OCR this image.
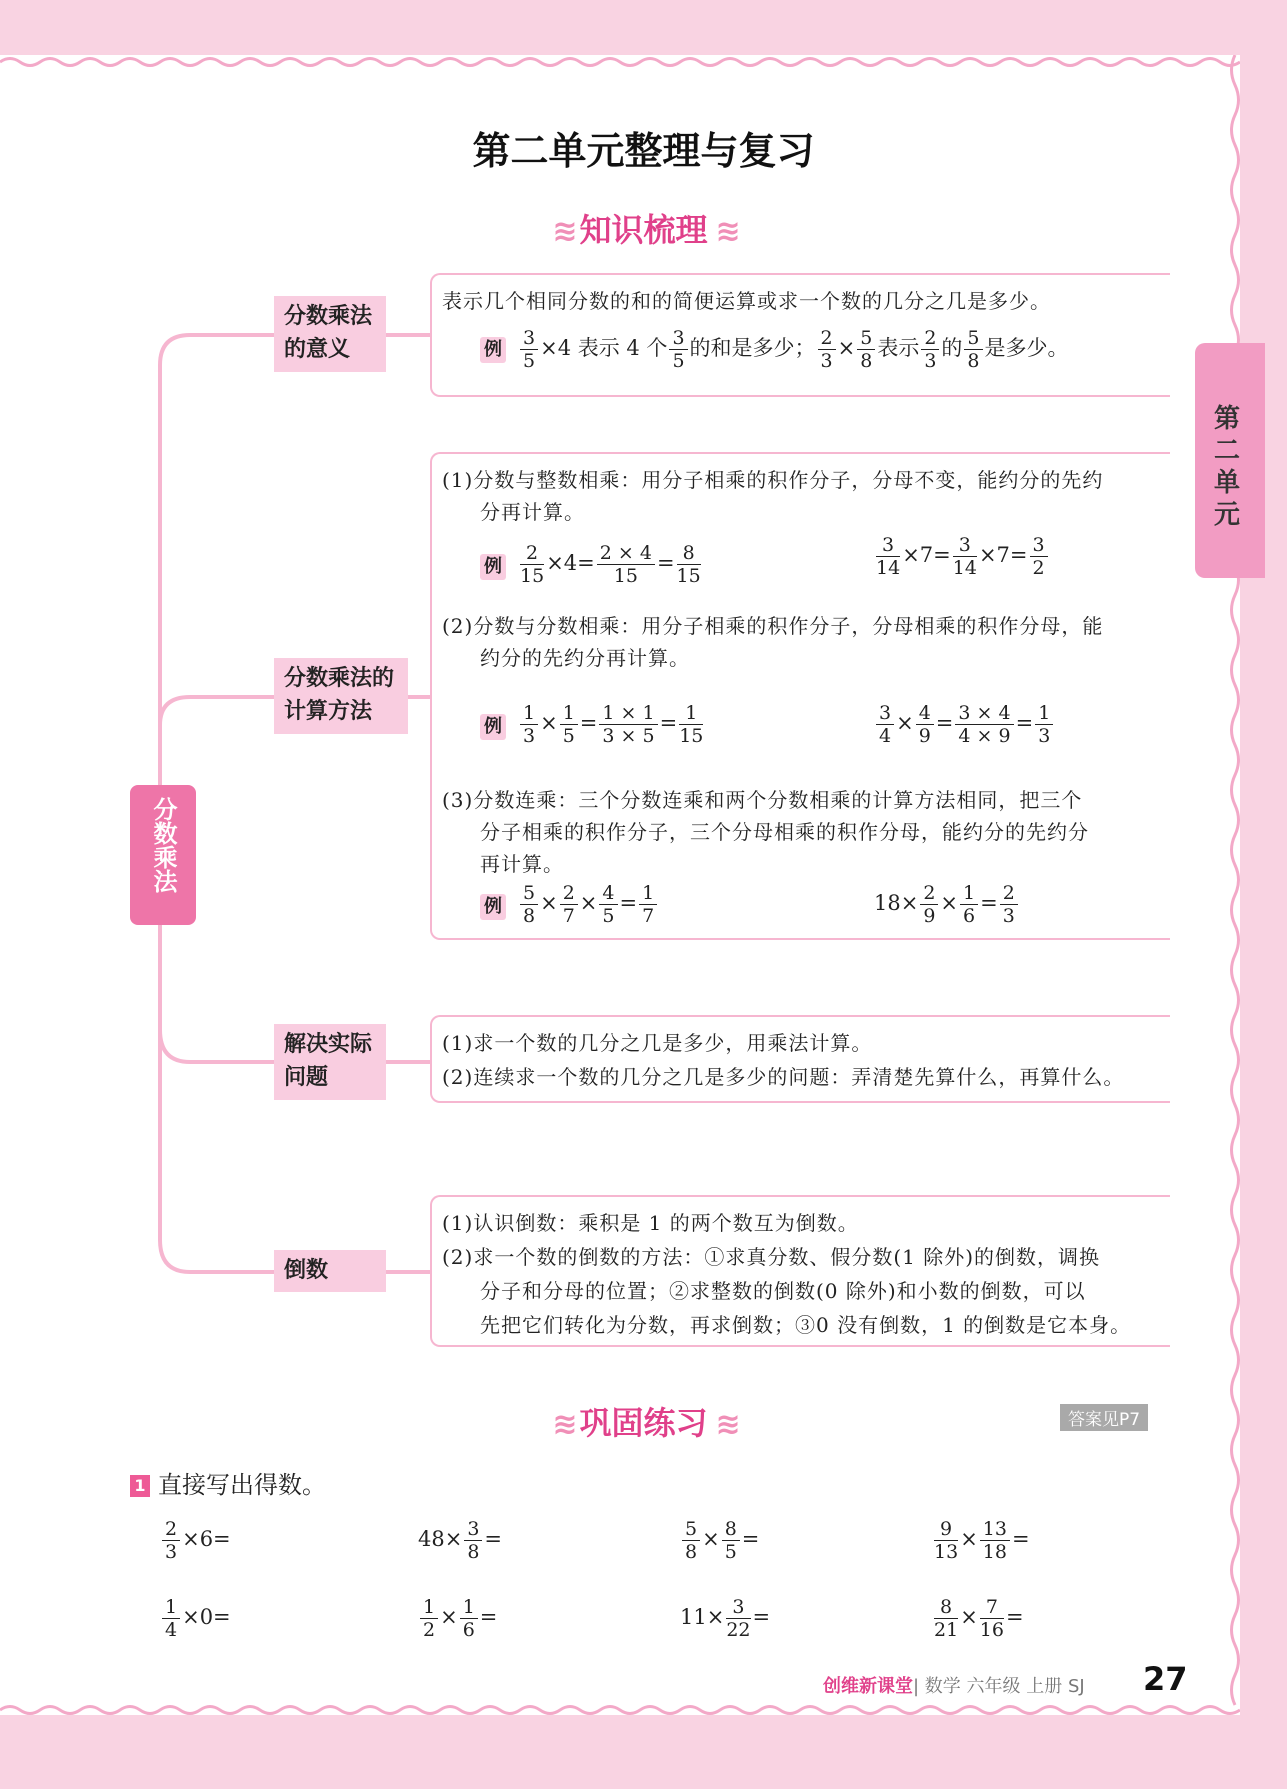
第二单元整理与复习
≋ 知识梳理 ≋
第二单元
分数乘法
分数乘法的意义
分数乘法的计算方法
解决实际问题
倒数
表示几个相同分数的和的简便运算或求一个数的几分之几是多少。
例 $\frac{3}{5} \times 4$ 表示 4 个 $\frac{3}{5}$ 的和是多少； $\frac{2}{3} \times \frac{5}{8}$ 表示 $\frac{2}{3}$ 的 $\frac{5}{8}$ 是多少。
(1)分数与整数相乘：用分子相乘的积作分子，分母不变，能约分的先约
分再计算。
例 $\frac{2}{15} \times 4= \frac{2 \times 4}{15} = \frac{8}{15}$	$\frac{3}{14} \times 7= \frac{3}{14} \times 7= \frac{3}{2}$
(2)分数与分数相乘：用分子相乘的积作分子，分母相乘的积作分母，能
约分的先约分再计算。
例 $\frac{1}{3} \times \frac{1}{5} = \frac{1 \times 1}{3 \times 5} = \frac{1}{15}$	$\frac{3}{4} \times \frac{4}{9} = \frac{3 \times 4}{4 \times 9} = \frac{1}{3}$
(3)分数连乘：三个分数连乘和两个分数相乘的计算方法相同，把三个
分子相乘的积作分子，三个分母相乘的积作分母，能约分的先约分
再计算。
例 $\frac{5}{8} \times \frac{2}{7} \times \frac{4}{5} = \frac{1}{7}$	$18\times \frac{2}{9} \times \frac{1}{6} = \frac{2}{3}$
(1)求一个数的几分之几是多少，用乘法计算。
(2)连续求一个数的几分之几是多少的问题：弄清楚先算什么，再算什么。
(1)认识倒数：乘积是 1 的两个数互为倒数。
(2)求一个数的倒数的方法：①求真分数、假分数(1 除外)的倒数，调换
分子和分母的位置；②求整数的倒数(0 除外)和小数的倒数，可以
先把它们转化为分数，再求倒数；③0 没有倒数，1 的倒数是它本身。
≋ 巩固练习 ≋	答案见P7
1 直接写出得数。
$\frac{2}{3} \times 6=$	$48\times \frac{3}{8}$ =	$\frac{5}{8} \times \frac{8}{5}$ =	$\frac{9}{13} \times \frac{13}{18}$ =
$\frac{1}{4} \times 0=$	$\frac{1}{2} \times \frac{1}{6}$ =	$11\times \frac{3}{22}$ =	$\frac{8}{21} \times \frac{7}{16}$ =
创维新课堂| 数学 六年级 上册 SJ 27
